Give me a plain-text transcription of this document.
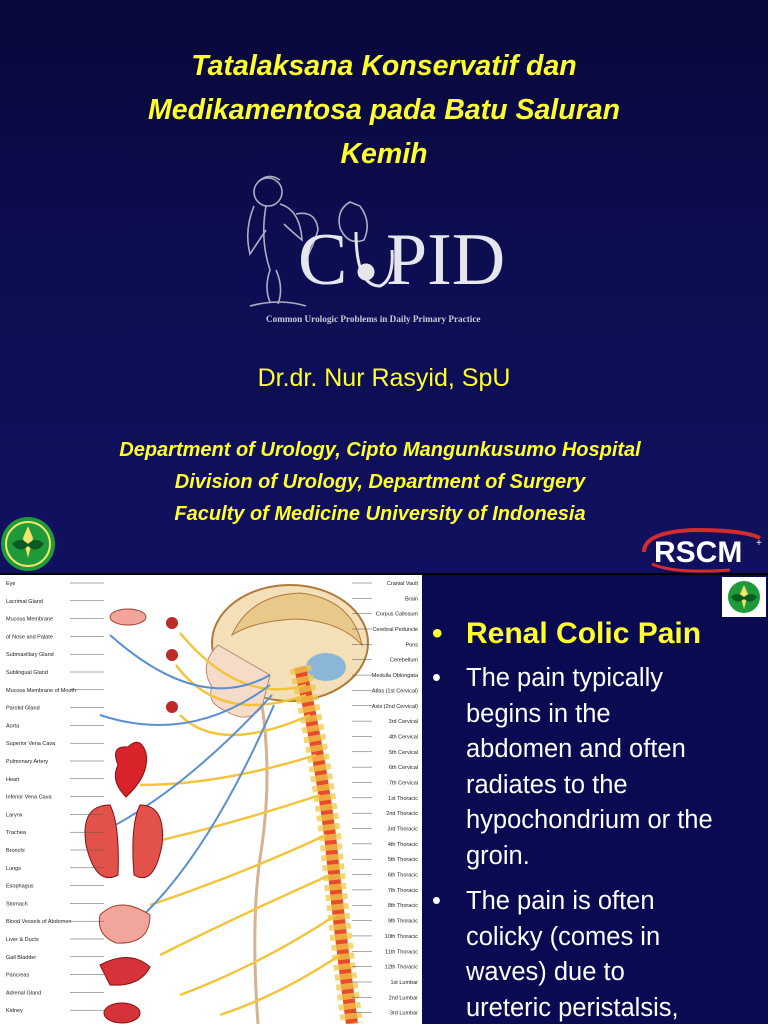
Tatalaksana Konservatif dan
Medikamentosa pada Batu Saluran
Kemih
C PID
Common Urologic Problems in Daily Primary Practice
Dr.dr. Nur Rasyid, SpU
Department of Urology, Cipto Mangunkusumo Hospital
Division of Urology, Department of Surgery
Faculty of Medicine University of Indonesia
RSCM +
Eye
Lacrimal Gland
Mucous Membrane
of Nose and Palate
Submaxillary Gland
Sublingual Gland
Mucous Membrane of Mouth
Parotid Gland
Aorta
Superior Vena Cava
Pulmonary Artery
Heart
Inferior Vena Cava
Larynx
Trachea
Bronchi
Lungs
Esophagus
Stomach
Blood Vessels of Abdomen
Liver & Ducts
Gall Bladder
Pancreas
Adrenal Gland
Kidney
Cranial Vault
Brain
Corpus Callosum
Cerebral Peduncle
Pons
Cerebellum
Medulla Oblongata
Atlas (1st Cervical)
Axis (2nd Cervical)
3rd Cervical
4th Cervical
5th Cervical
6th Cervical
7th Cervical
1st Thoracic
2nd Thoracic
3rd Thoracic
4th Thoracic
5th Thoracic
6th Thoracic
7th Thoracic
8th Thoracic
9th Thoracic
10th Thoracic
11th Thoracic
12th Thoracic
1st Lumbar
2nd Lumbar
3rd Lumbar
• Renal Colic Pain
• The pain typically
begins in the
abdomen and often
radiates to the
hypochondrium or the
groin.
• The pain is often
colicky (comes in
waves) due to
ureteric peristalsis,
